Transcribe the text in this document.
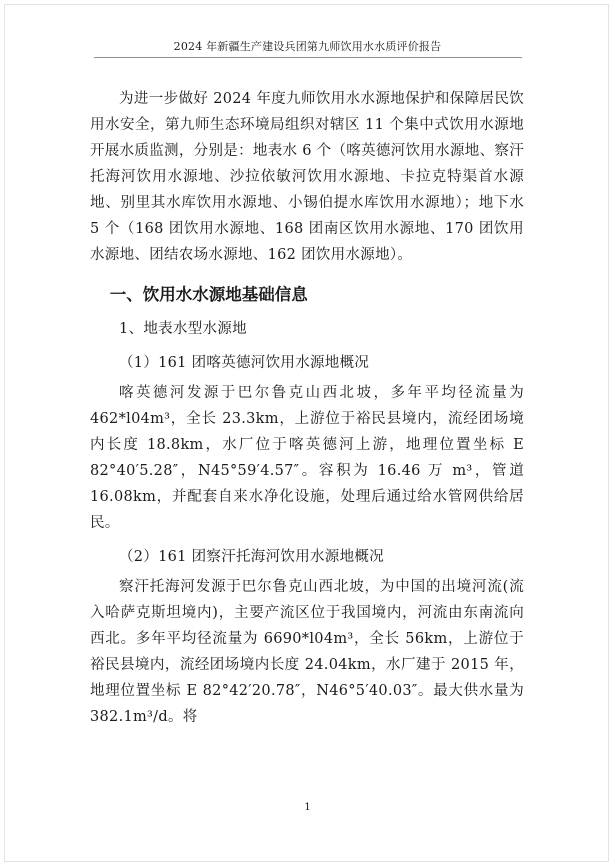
2024 年新疆生产建设兵团第九师饮用水水质评价报告

为进一步做好 2024 年度九师饮用水水源地保护和保障居民饮用水安全，第九师生态环境局组织对辖区 11 个集中式饮用水源地开展水质监测，分别是：地表水 6 个（喀英德河饮用水源地、察汗托海河饮用水源地、沙拉依敏河饮用水源地、卡拉克特渠首水源地、别里其水库饮用水源地、小锡伯提水库饮用水源地）；地下水 5 个（168 团饮用水源地、168 团南区饮用水源地、170 团饮用水源地、团结农场水源地、162 团饮用水源地）。

一、饮用水水源地基础信息
1、地表水型水源地
（1）161 团喀英德河饮用水源地概况

喀英德河发源于巴尔鲁克山西北坡，多年平均径流量为 462*l04m³，全长 23.3km，上游位于裕民县境内，流经团场境内长度 18.8km，水厂位于喀英德河上游，地理位置坐标 E 82°40′5.28″，N45°59′4.57″。容积为 16.46 万 m³，管道 16.08km，并配套自来水净化设施，处理后通过给水管网供给居民。

（2）161 团察汗托海河饮用水源地概况

察汗托海河发源于巴尔鲁克山西北坡，为中国的出境河流(流入哈萨克斯坦境内)，主要产流区位于我国境内，河流由东南流向西北。多年平均径流量为 6690*l04m³，全长 56km，上游位于裕民县境内，流经团场境内长度 24.04km，水厂建于 2015 年，地理位置坐标 E 82°42′20.78″，N46°5′40.03″。最大供水量为 382.1m³/d。将

1
